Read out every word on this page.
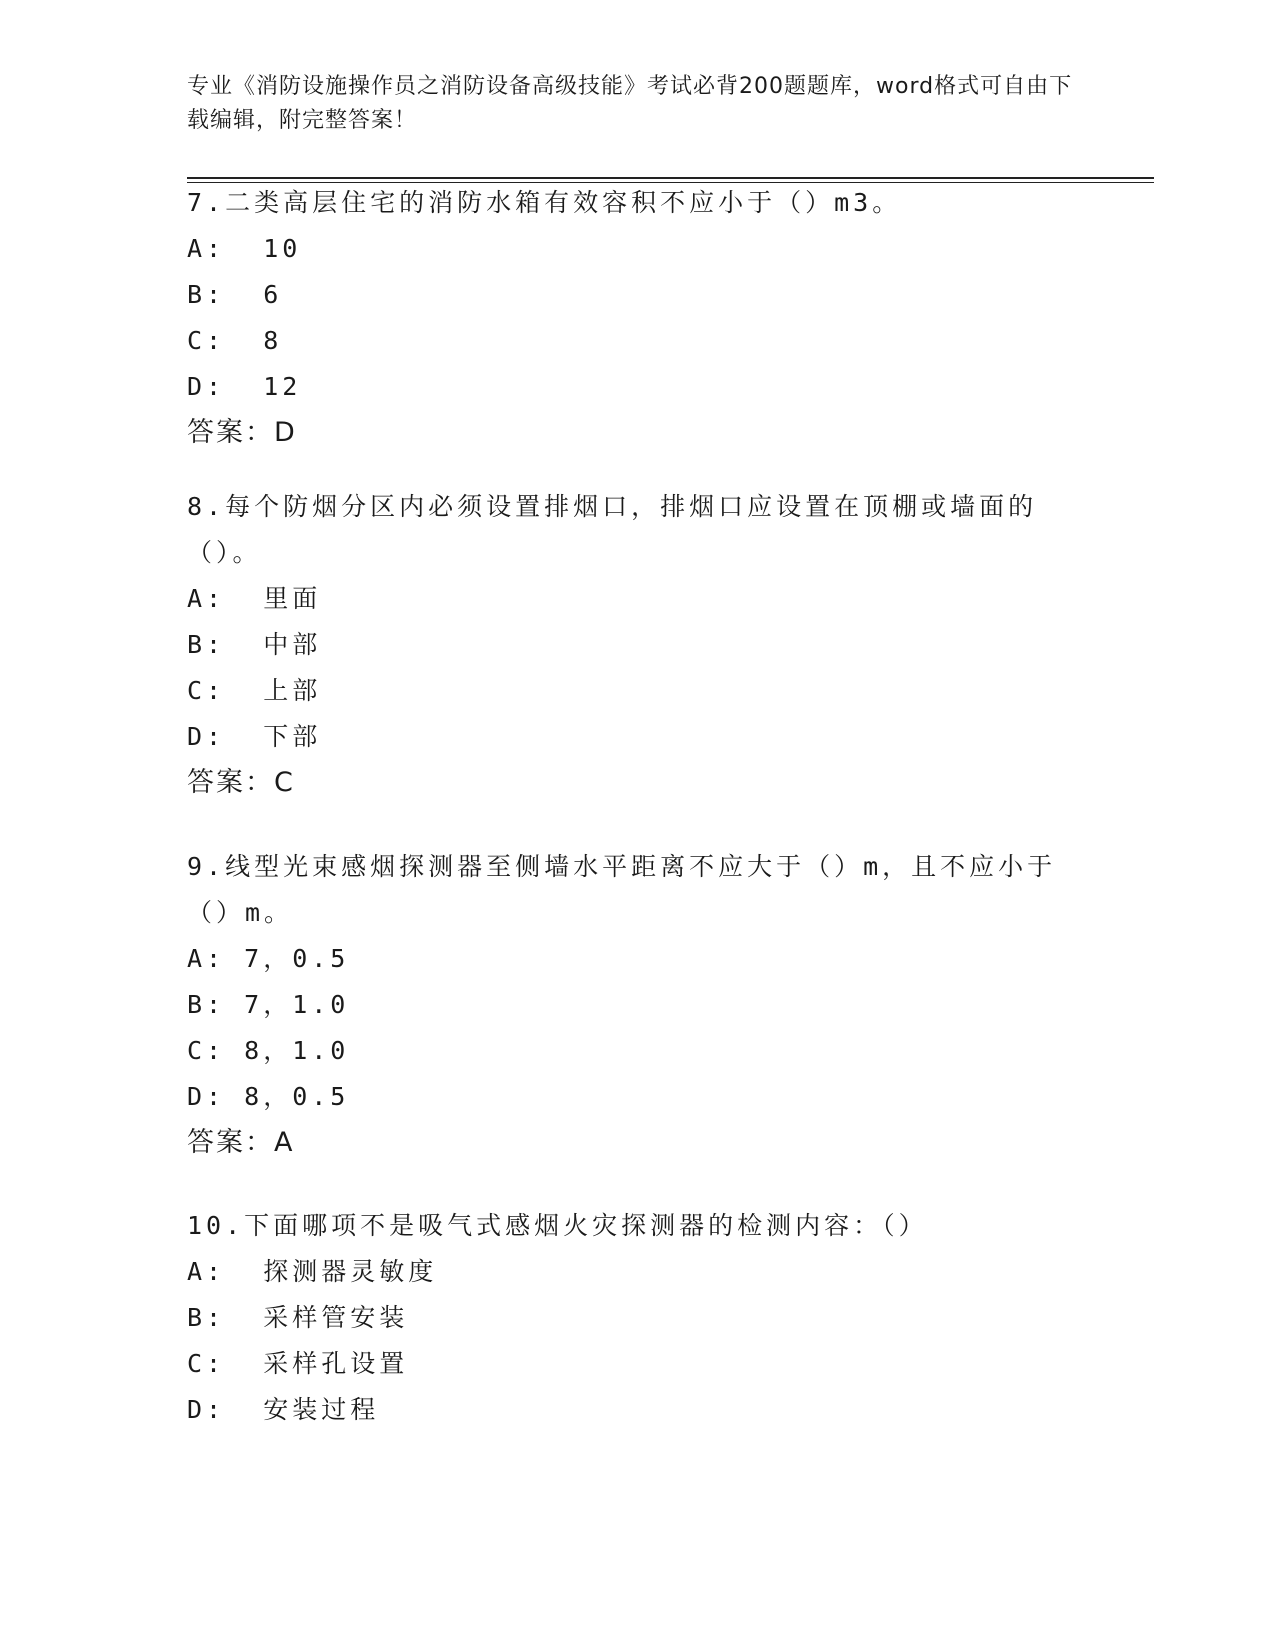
专业《消防设施操作员之消防设备高级技能》考试必背200题题库，word格式可自由下载编辑，附完整答案！

7.二类高层住宅的消防水箱有效容积不应小于（）m3。

A:  10

B:  6

C:  8

D:  12

答案：D

8.每个防烟分区内必须设置排烟口，排烟口应设置在顶棚或墙面的（）。

A:  里面

B:  中部

C:  上部

D:  下部

答案：C

9.线型光束感烟探测器至侧墙水平距离不应大于（）m，且不应小于（）m。

A: 7，0.5

B: 7，1.0

C: 8，1.0

D: 8，0.5

答案：A

10.下面哪项不是吸气式感烟火灾探测器的检测内容：（）

A:  探测器灵敏度

B:  采样管安装

C:  采样孔设置

D:  安装过程
